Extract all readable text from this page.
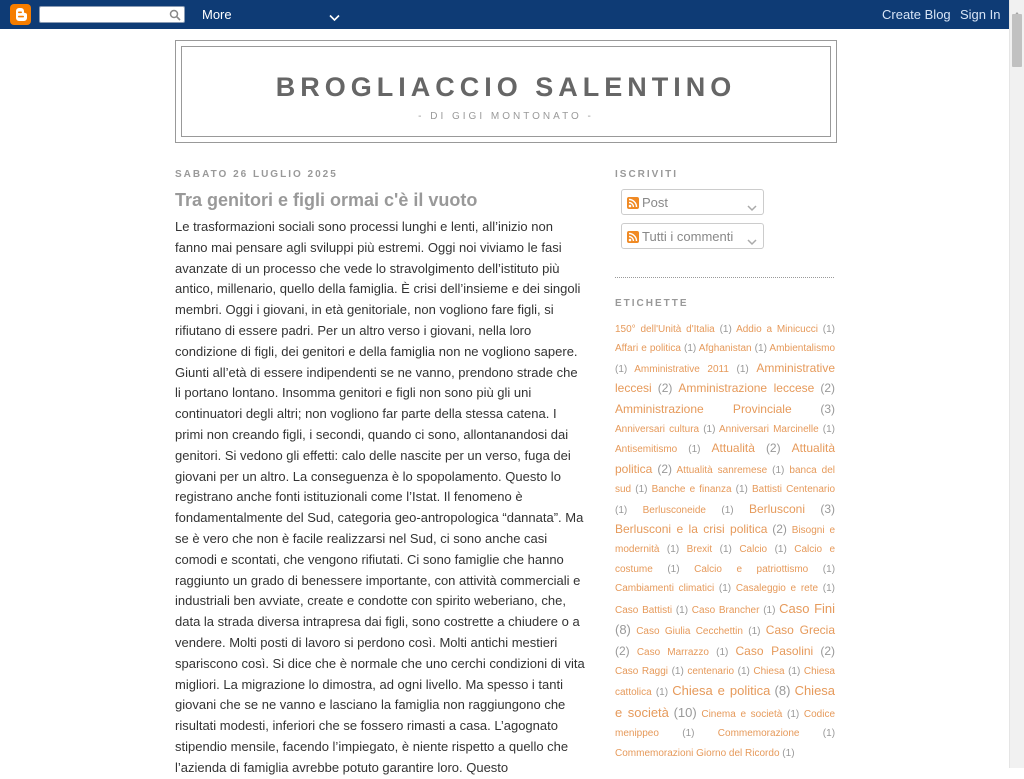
More	Create Blog Sign In
BROGLIACCIO SALENTINO
- DI GIGI MONTONATO -
SABATO 26 LUGLIO 2025
Tra genitori e figli ormai c'è il vuoto
Le trasformazioni sociali sono processi lunghi e lenti, all’inizio non fanno mai pensare agli sviluppi più estremi. Oggi noi viviamo le fasi avanzate di un processo che vede lo stravolgimento dell’istituto più antico, millenario, quello della famiglia. È crisi dell’insieme e dei singoli membri. Oggi i giovani, in età genitoriale, non vogliono fare figli, si rifiutano di essere padri. Per un altro verso i giovani, nella loro condizione di figli, dei genitori e della famiglia non ne vogliono sapere. Giunti all’età di essere indipendenti se ne vanno, prendono strade che li portano lontano. Insomma genitori e figli non sono più gli uni continuatori degli altri; non vogliono far parte della stessa catena. I primi non creando figli, i secondi, quando ci sono, allontanandosi dai genitori. Si vedono gli effetti: calo delle nascite per un verso, fuga dei giovani per un altro. La conseguenza è lo spopolamento. Questo lo registrano anche fonti istituzionali come l’Istat. Il fenomeno è fondamentalmente del Sud, categoria geo-antropologica “dannata”. Ma se è vero che non è facile realizzarsi nel Sud, ci sono anche casi comodi e scontati, che vengono rifiutati. Ci sono famiglie che hanno raggiunto un grado di benessere importante, con attività commerciali e industriali ben avviate, create e condotte con spirito weberiano, che, data la strada diversa intrapresa dai figli, sono costrette a chiudere o a vendere. Molti posti di lavoro si perdono così. Molti antichi mestieri spariscono così. Si dice che è normale che uno cerchi condizioni di vita migliori. La migrazione lo dimostra, ad ogni livello. Ma spesso i tanti giovani che se ne vanno e lasciano la famiglia non raggiungono che risultati modesti, inferiori che se fossero rimasti a casa. L’agognato stipendio mensile, facendo l’impiegato, è niente rispetto a quello che l’azienda di famiglia avrebbe potuto garantire loro. Questo
ISCRIVITI
Post
Tutti i commenti
ETICHETTE
150° dell'Unità d'Italia (1) Addio a Minicucci (1) Affari e politica (1) Afghanistan (1) Ambientalismo (1) Amministrative 2011 (1) Amministrative leccesi (2) Amministrazione leccese (2) Amministrazione Provinciale (3) Anniversari cultura (1) Anniversari Marcinelle (1) Antisemitismo (1) Attualità (2) Attualità politica (2) Attualità sanremese (1) banca del sud (1) Banche e finanza (1) Battisti Centenario (1) Berlusconeide (1) Berlusconi (3) Berlusconi e la crisi politica (2) Bisogni e modernità (1) Brexit (1) Calcio (1) Calcio e costume (1) Calcio e patriottismo (1) Cambiamenti climatici (1) Casaleggio e rete (1) Caso Battisti (1) Caso Brancher (1) Caso Fini (8) Caso Giulia Cecchettin (1) Caso Grecia (2) Caso Marrazzo (1) Caso Pasolini (2) Caso Raggi (1) centenario (1) Chiesa (1) Chiesa cattolica (1) Chiesa e politica (8) Chiesa e società (10) Cinema e società (1) Codice menippeo (1) Commemorazione (1) Commemorazioni Giorno del Ricordo (1)
